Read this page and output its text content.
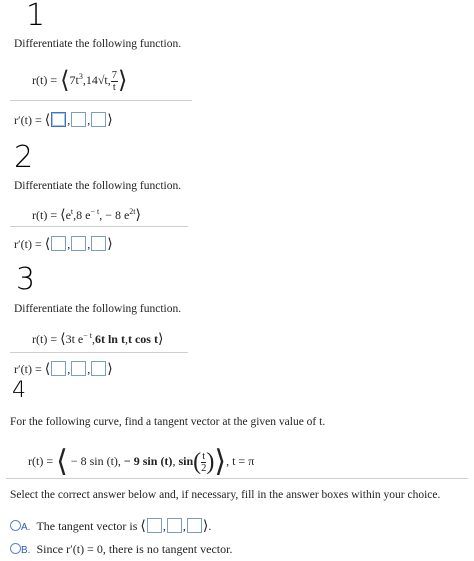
1
Differentiate the following function.
$r(t) = ⟨7t^3,14√t$, $\frac{7}{t}$ ⟩
r′(t) = ⟨ , , ⟩
2
Differentiate the following function.
$r(t) = ⟨e^t,8$ $e^{- t}$, − 8 $e^{2t}⟩$
r′(t) = ⟨ , , ⟩
3
Differentiate the following function.
r(t) = ⟨3t $e^{- t},6t$ ln t,t cos t⟩
r′(t) = ⟨ , , ⟩
4
For the following curve, find a tangent vector at the given value of t.
r(t) = ⟨ − 8 sin (t), − 9 sin (t), $\sin( \frac{t}{2}$ )⟩, t = π
Select the correct answer below and, if necessary, fill in the answer boxes within your choice.
A. The tangent vector is ⟨ , , ⟩.
B. Since r′(t) = 0, there is no tangent vector.
